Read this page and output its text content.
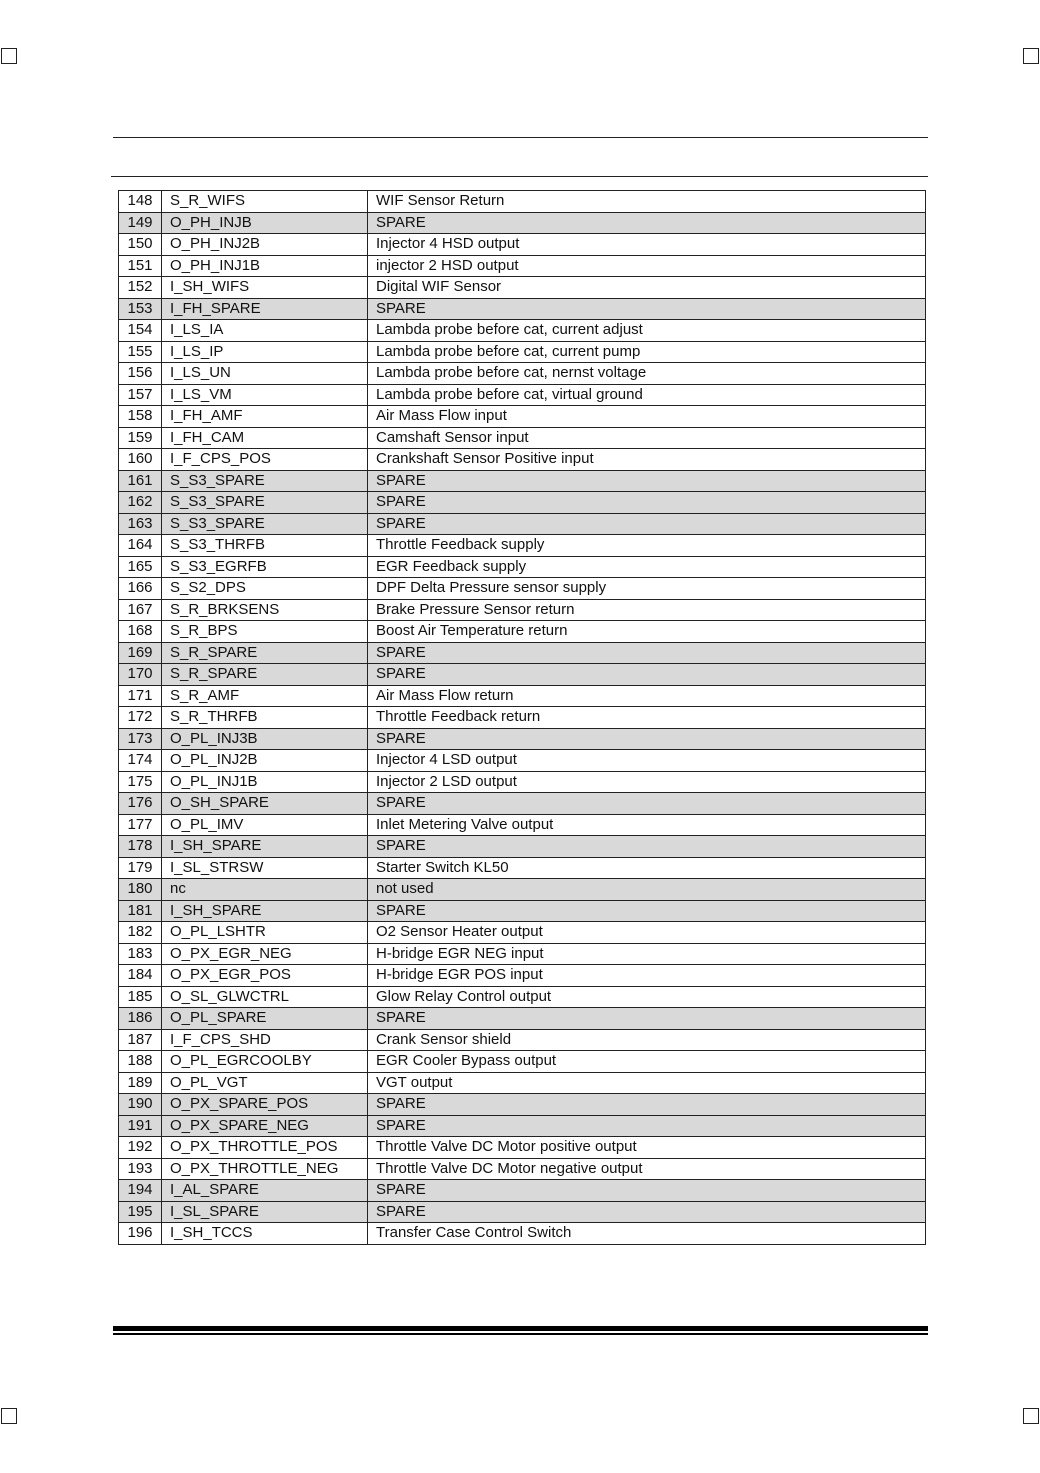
148	S_R_WIFS	WIF Sensor Return
149	O_PH_INJB	SPARE
150	O_PH_INJ2B	Injector 4 HSD output
151	O_PH_INJ1B	injector 2 HSD output
152	I_SH_WIFS	Digital WIF Sensor
153	I_FH_SPARE	SPARE
154	I_LS_IA	Lambda probe before cat, current adjust
155	I_LS_IP	Lambda probe before cat, current pump
156	I_LS_UN	Lambda probe before cat, nernst voltage
157	I_LS_VM	Lambda probe before cat, virtual ground
158	I_FH_AMF	Air Mass Flow input
159	I_FH_CAM	Camshaft Sensor input
160	I_F_CPS_POS	Crankshaft Sensor Positive input
161	S_S3_SPARE	SPARE
162	S_S3_SPARE	SPARE
163	S_S3_SPARE	SPARE
164	S_S3_THRFB	Throttle Feedback supply
165	S_S3_EGRFB	EGR Feedback supply
166	S_S2_DPS	DPF Delta Pressure sensor supply
167	S_R_BRKSENS	Brake Pressure Sensor return
168	S_R_BPS	Boost Air Temperature return
169	S_R_SPARE	SPARE
170	S_R_SPARE	SPARE
171	S_R_AMF	Air Mass Flow return
172	S_R_THRFB	Throttle Feedback return
173	O_PL_INJ3B	SPARE
174	O_PL_INJ2B	Injector 4 LSD output
175	O_PL_INJ1B	Injector 2 LSD output
176	O_SH_SPARE	SPARE
177	O_PL_IMV	Inlet Metering Valve output
178	I_SH_SPARE	SPARE
179	I_SL_STRSW	Starter Switch KL50
180	nc	not used
181	I_SH_SPARE	SPARE
182	O_PL_LSHTR	O2 Sensor Heater output
183	O_PX_EGR_NEG	H-bridge EGR NEG input
184	O_PX_EGR_POS	H-bridge EGR POS input
185	O_SL_GLWCTRL	Glow Relay Control output
186	O_PL_SPARE	SPARE
187	I_F_CPS_SHD	Crank Sensor shield
188	O_PL_EGRCOOLBY	EGR Cooler Bypass output
189	O_PL_VGT	VGT output
190	O_PX_SPARE_POS	SPARE
191	O_PX_SPARE_NEG	SPARE
192	O_PX_THROTTLE_POS	Throttle Valve DC Motor positive output
193	O_PX_THROTTLE_NEG	Throttle Valve DC Motor negative output
194	I_AL_SPARE	SPARE
195	I_SL_SPARE	SPARE
196	I_SH_TCCS	Transfer Case Control Switch
